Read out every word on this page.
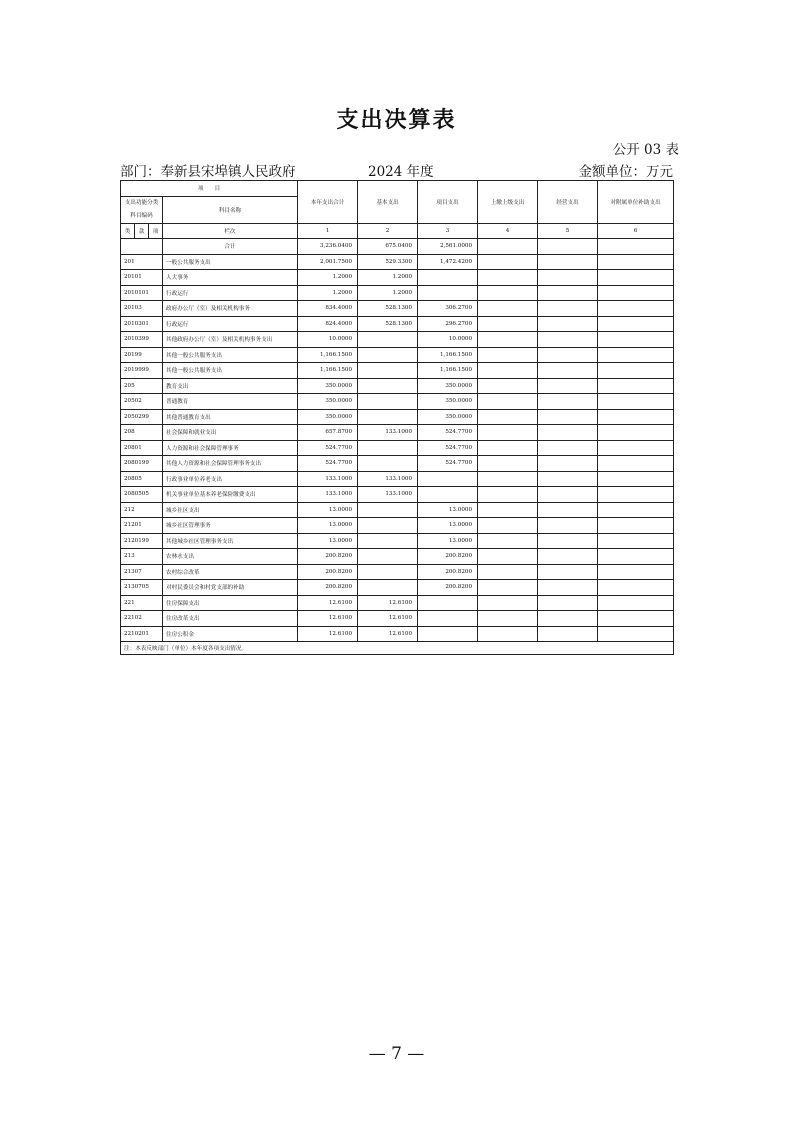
支出决算表
公开 03 表
部门：奉新县宋埠镇人民政府	2024 年度	金额单位：万元
项　　目				本年支出合计	基本支出	项目支出	上缴上级支出	经营支出	对附属单位补助支出
支出功能分类科目编码			科目名称						

类	款	项	栏次	1	2	3	4	5	6
			合计	3,236.0400	675.0400	2,561.0000			
201			一般公共服务支出	2,001.7500	529.3300	1,472.4200			
20101			人大事务	1.2000	1.2000				
2010101			行政运行	1.2000	1.2000				
20103			政府办公厅（室）及相关机构事务	834.4000	528.1300	306.2700			
2010301			行政运行	824.4000	528.1300	296.2700			
2010399			其他政府办公厅（室）及相关机构事务支出	10.0000		10.0000			
20199			其他一般公共服务支出	1,166.1500		1,166.1500			
2019999			其他一般公共服务支出	1,166.1500		1,166.1500			
205			教育支出	350.0000		350.0000			
20502			普通教育	350.0000		350.0000			
2050299			其他普通教育支出	350.0000		350.0000			
208			社会保障和就业支出	657.8700	133.1000	524.7700			
20801			人力资源和社会保障管理事务	524.7700		524.7700			
2080199			其他人力资源和社会保障管理事务支出	524.7700		524.7700			
20805			行政事业单位养老支出	133.1000	133.1000				
2080505			机关事业单位基本养老保险缴费支出	133.1000	133.1000				
212			城乡社区支出	13.0000		13.0000			
21201			城乡社区管理事务	13.0000		13.0000			
2120199			其他城乡社区管理事务支出	13.0000		13.0000			
213			农林水支出	200.8200		200.8200			
21307			农村综合改革	200.8200		200.8200			
2130705			对村民委员会和村党支部的补助	200.8200		200.8200			
221			住房保障支出	12.6100	12.6100				
22102			住房改革支出	12.6100	12.6100				
2210201			住房公积金	12.6100	12.6100				
注：本表反映部门（单位）本年度各项支出情况。									
— 7 —
